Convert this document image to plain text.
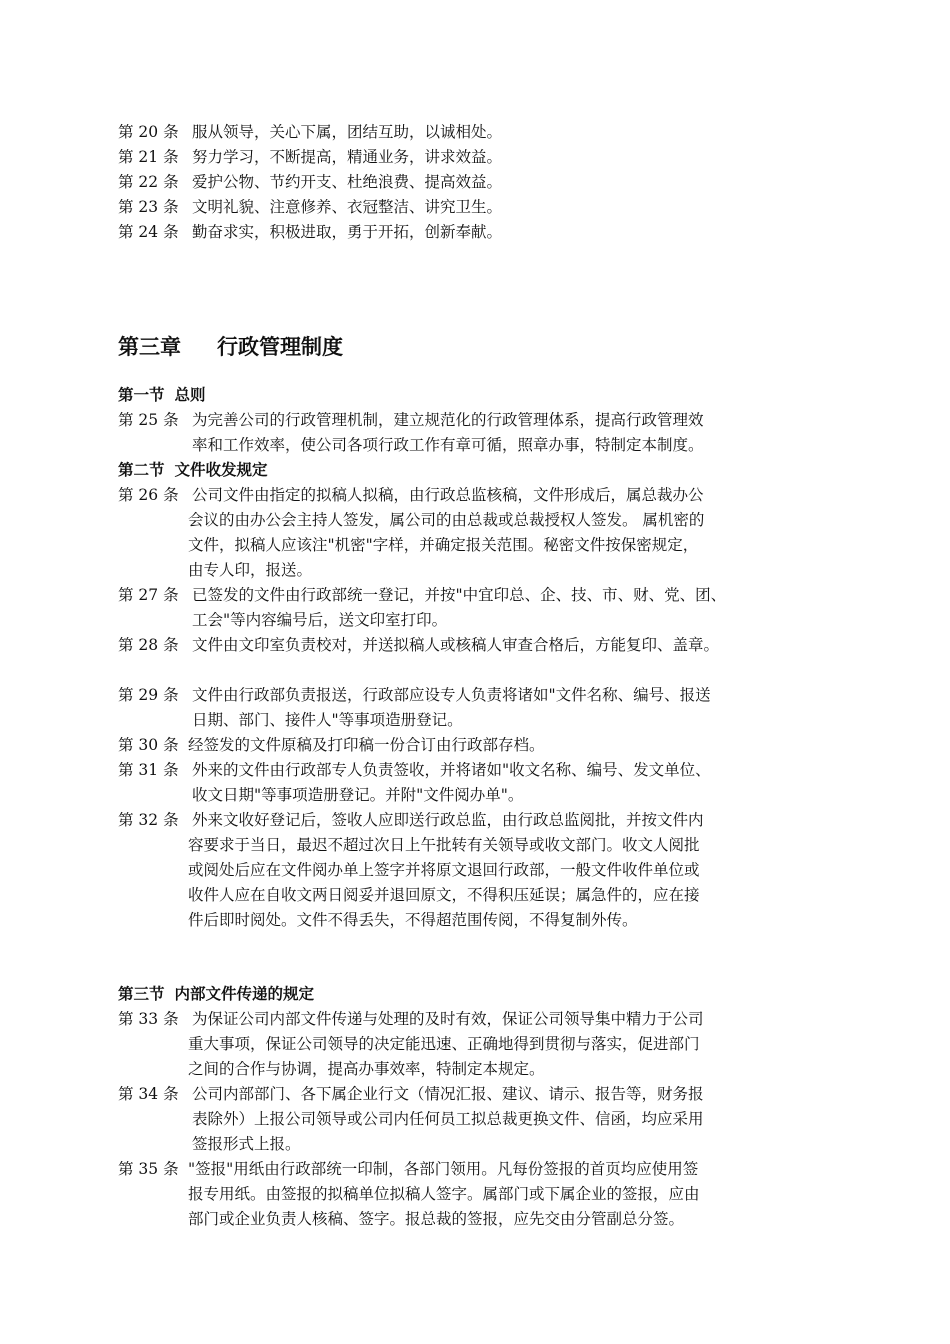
第 20 条 服从领导，关心下属，团结互助，以诚相处。
第 21 条 努力学习，不断提高，精通业务，讲求效益。
第 22 条 爱护公物、节约开支、杜绝浪费、提高效益。
第 23 条 文明礼貌、注意修养、衣冠整洁、讲究卫生。
第 24 条 勤奋求实，积极进取，勇于开拓，创新奉献。
第三章 行政管理制度
第一节 总则
第 25 条 为完善公司的行政管理机制，建立规范化的行政管理体系，提高行政管理效
率和工作效率，使公司各项行政工作有章可循，照章办事，特制定本制度。
第二节 文件收发规定
第 26 条 公司文件由指定的拟稿人拟稿，由行政总监核稿，文件形成后，属总裁办公
会议的由办公会主持人签发，属公司的由总裁或总裁授权人签发。 属机密的
文件，拟稿人应该注"机密"字样，并确定报关范围。秘密文件按保密规定，
由专人印，报送。
第 27 条 已签发的文件由行政部统一登记，并按"中宜印总、企、技、市、财、党、团、
工会"等内容编号后，送文印室打印。
第 28 条 文件由文印室负责校对，并送拟稿人或核稿人审查合格后，方能复印、盖章。
第 29 条 文件由行政部负责报送，行政部应设专人负责将诸如"文件名称、编号、报送
日期、部门、接件人"等事项造册登记。
第 30 条 经签发的文件原稿及打印稿一份合订由行政部存档。
第 31 条 外来的文件由行政部专人负责签收，并将诸如"收文名称、编号、发文单位、
收文日期"等事项造册登记。并附"文件阅办单"。
第 32 条 外来文收好登记后，签收人应即送行政总监，由行政总监阅批，并按文件内
容要求于当日，最迟不超过次日上午批转有关领导或收文部门。收文人阅批
或阅处后应在文件阅办单上签字并将原文退回行政部，一般文件收件单位或
收件人应在自收文两日阅妥并退回原文，不得积压延误；属急件的，应在接
件后即时阅处。文件不得丢失，不得超范围传阅，不得复制外传。
第三节 内部文件传递的规定
第 33 条 为保证公司内部文件传递与处理的及时有效，保证公司领导集中精力于公司
重大事项，保证公司领导的决定能迅速、正确地得到贯彻与落实，促进部门
之间的合作与协调，提高办事效率，特制定本规定。
第 34 条 公司内部部门、各下属企业行文（情况汇报、建议、请示、报告等，财务报
表除外）上报公司领导或公司内任何员工拟总裁更换文件、信函，均应采用
签报形式上报。
第 35 条 "签报"用纸由行政部统一印制，各部门领用。凡每份签报的首页均应使用签
报专用纸。由签报的拟稿单位拟稿人签字。属部门或下属企业的签报，应由
部门或企业负责人核稿、签字。报总裁的签报，应先交由分管副总分签。
